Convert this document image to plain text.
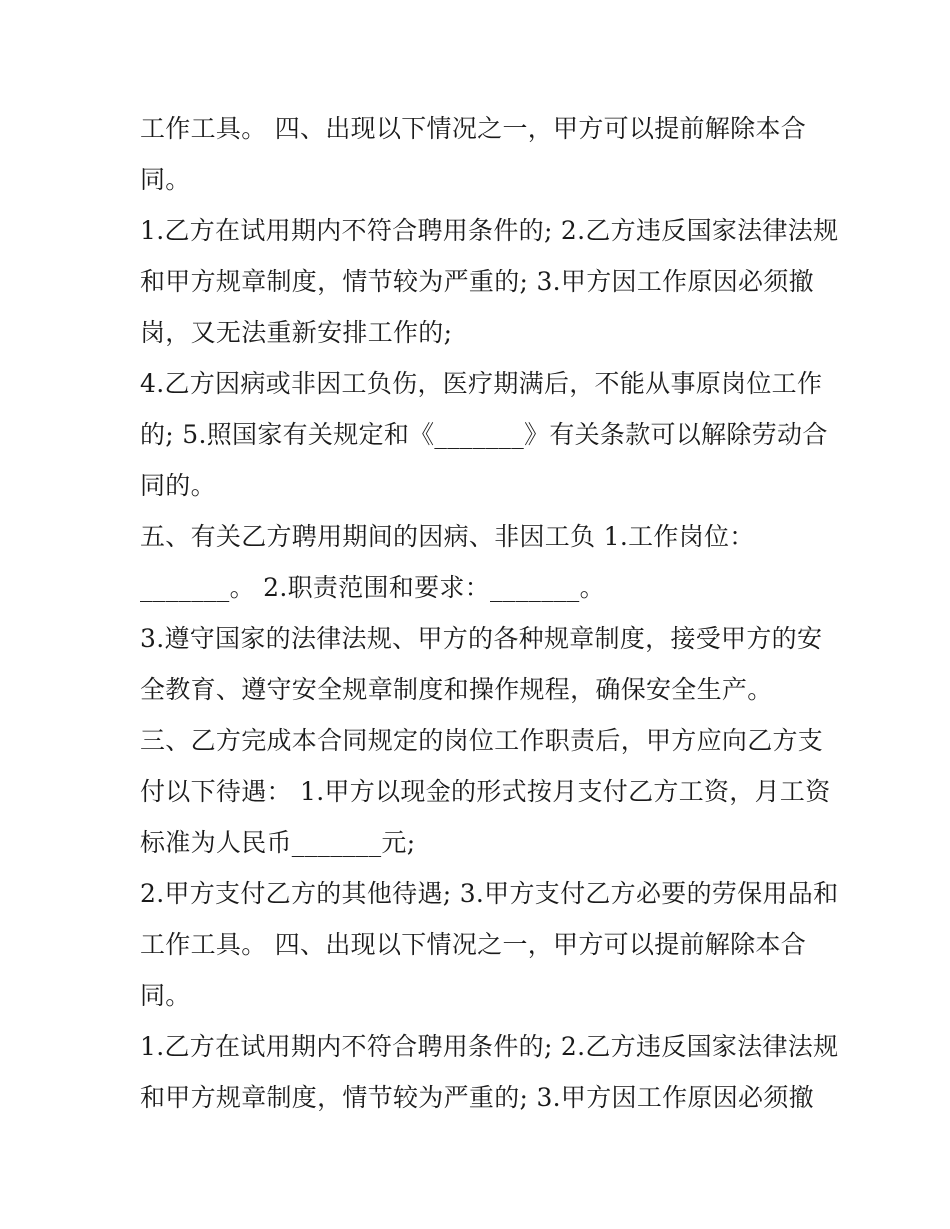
工作工具。 四、出现以下情况之一，甲方可以提前解除本合
同。
1.乙方在试用期内不符合聘用条件的; 2.乙方违反国家法律法规
和甲方规章制度，情节较为严重的; 3.甲方因工作原因必须撤
岗，又无法重新安排工作的;
4.乙方因病或非因工负伤，医疗期满后，不能从事原岗位工作
的; 5.照国家有关规定和《_______》有关条款可以解除劳动合
同的。
五、有关乙方聘用期间的因病、非因工负 1.工作岗位：
_______。 2.职责范围和要求：_______。
3.遵守国家的法律法规、甲方的各种规章制度，接受甲方的安
全教育、遵守安全规章制度和操作规程，确保安全生产。
三、乙方完成本合同规定的岗位工作职责后，甲方应向乙方支
付以下待遇： 1.甲方以现金的形式按月支付乙方工资，月工资
标准为人民币_______元;
2.甲方支付乙方的其他待遇; 3.甲方支付乙方必要的劳保用品和
工作工具。 四、出现以下情况之一，甲方可以提前解除本合
同。
1.乙方在试用期内不符合聘用条件的; 2.乙方违反国家法律法规
和甲方规章制度，情节较为严重的; 3.甲方因工作原因必须撤
